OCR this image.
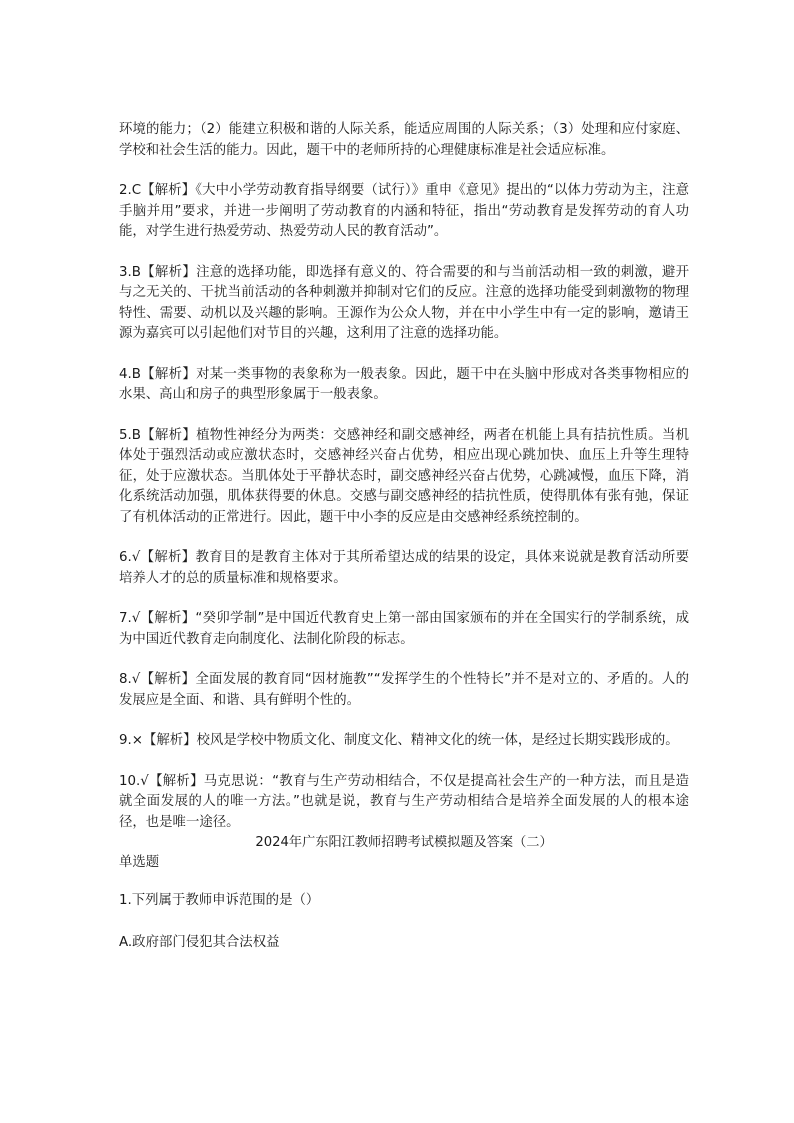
环境的能力；（2）能建立积极和谐的人际关系，能适应周围的人际关系；（3）处理和应付家庭、学校和社会生活的能力。因此，题干中的老师所持的心理健康标准是社会适应标准。

2.C【解析】《大中小学劳动教育指导纲要（试行）》重申《意见》提出的“以体力劳动为主，注意手脑并用”要求，并进一步阐明了劳动教育的内涵和特征，指出“劳动教育是发挥劳动的育人功能，对学生进行热爱劳动、热爱劳动人民的教育活动”。

3.B【解析】注意的选择功能，即选择有意义的、符合需要的和与当前活动相一致的刺激，避开与之无关的、干扰当前活动的各种刺激并抑制对它们的反应。注意的选择功能受到刺激物的物理特性、需要、动机以及兴趣的影响。王源作为公众人物，并在中小学生中有一定的影响，邀请王源为嘉宾可以引起他们对节目的兴趣，这利用了注意的选择功能。

4.B【解析】对某一类事物的表象称为一般表象。因此，题干中在头脑中形成对各类事物相应的水果、高山和房子的典型形象属于一般表象。

5.B【解析】植物性神经分为两类：交感神经和副交感神经，两者在机能上具有拮抗性质。当机体处于强烈活动或应激状态时，交感神经兴奋占优势，相应出现心跳加快、血压上升等生理特征，处于应激状态。当肌体处于平静状态时，副交感神经兴奋占优势，心跳减慢，血压下降，消化系统活动加强，肌体获得要的休息。交感与副交感神经的拮抗性质，使得肌体有张有弛，保证了有机体活动的正常进行。因此，题干中小李的反应是由交感神经系统控制的。

6.√【解析】教育目的是教育主体对于其所希望达成的结果的设定，具体来说就是教育活动所要培养人才的总的质量标准和规格要求。

7.√【解析】“癸卯学制”是中国近代教育史上第一部由国家颁布的并在全国实行的学制系统，成为中国近代教育走向制度化、法制化阶段的标志。

8.√【解析】全面发展的教育同“因材施教”“发挥学生的个性特长”并不是对立的、矛盾的。人的发展应是全面、和谐、具有鲜明个性的。

9.×【解析】校风是学校中物质文化、制度文化、精神文化的统一体，是经过长期实践形成的。

10.√【解析】马克思说：“教育与生产劳动相结合，不仅是提高社会生产的一种方法，而且是造就全面发展的人的唯一方法。”也就是说，教育与生产劳动相结合是培养全面发展的人的根本途径，也是唯一途径。

2024年广东阳江教师招聘考试模拟题及答案（二）

单选题

1.下列属于教师申诉范围的是（）

A.政府部门侵犯其合法权益
